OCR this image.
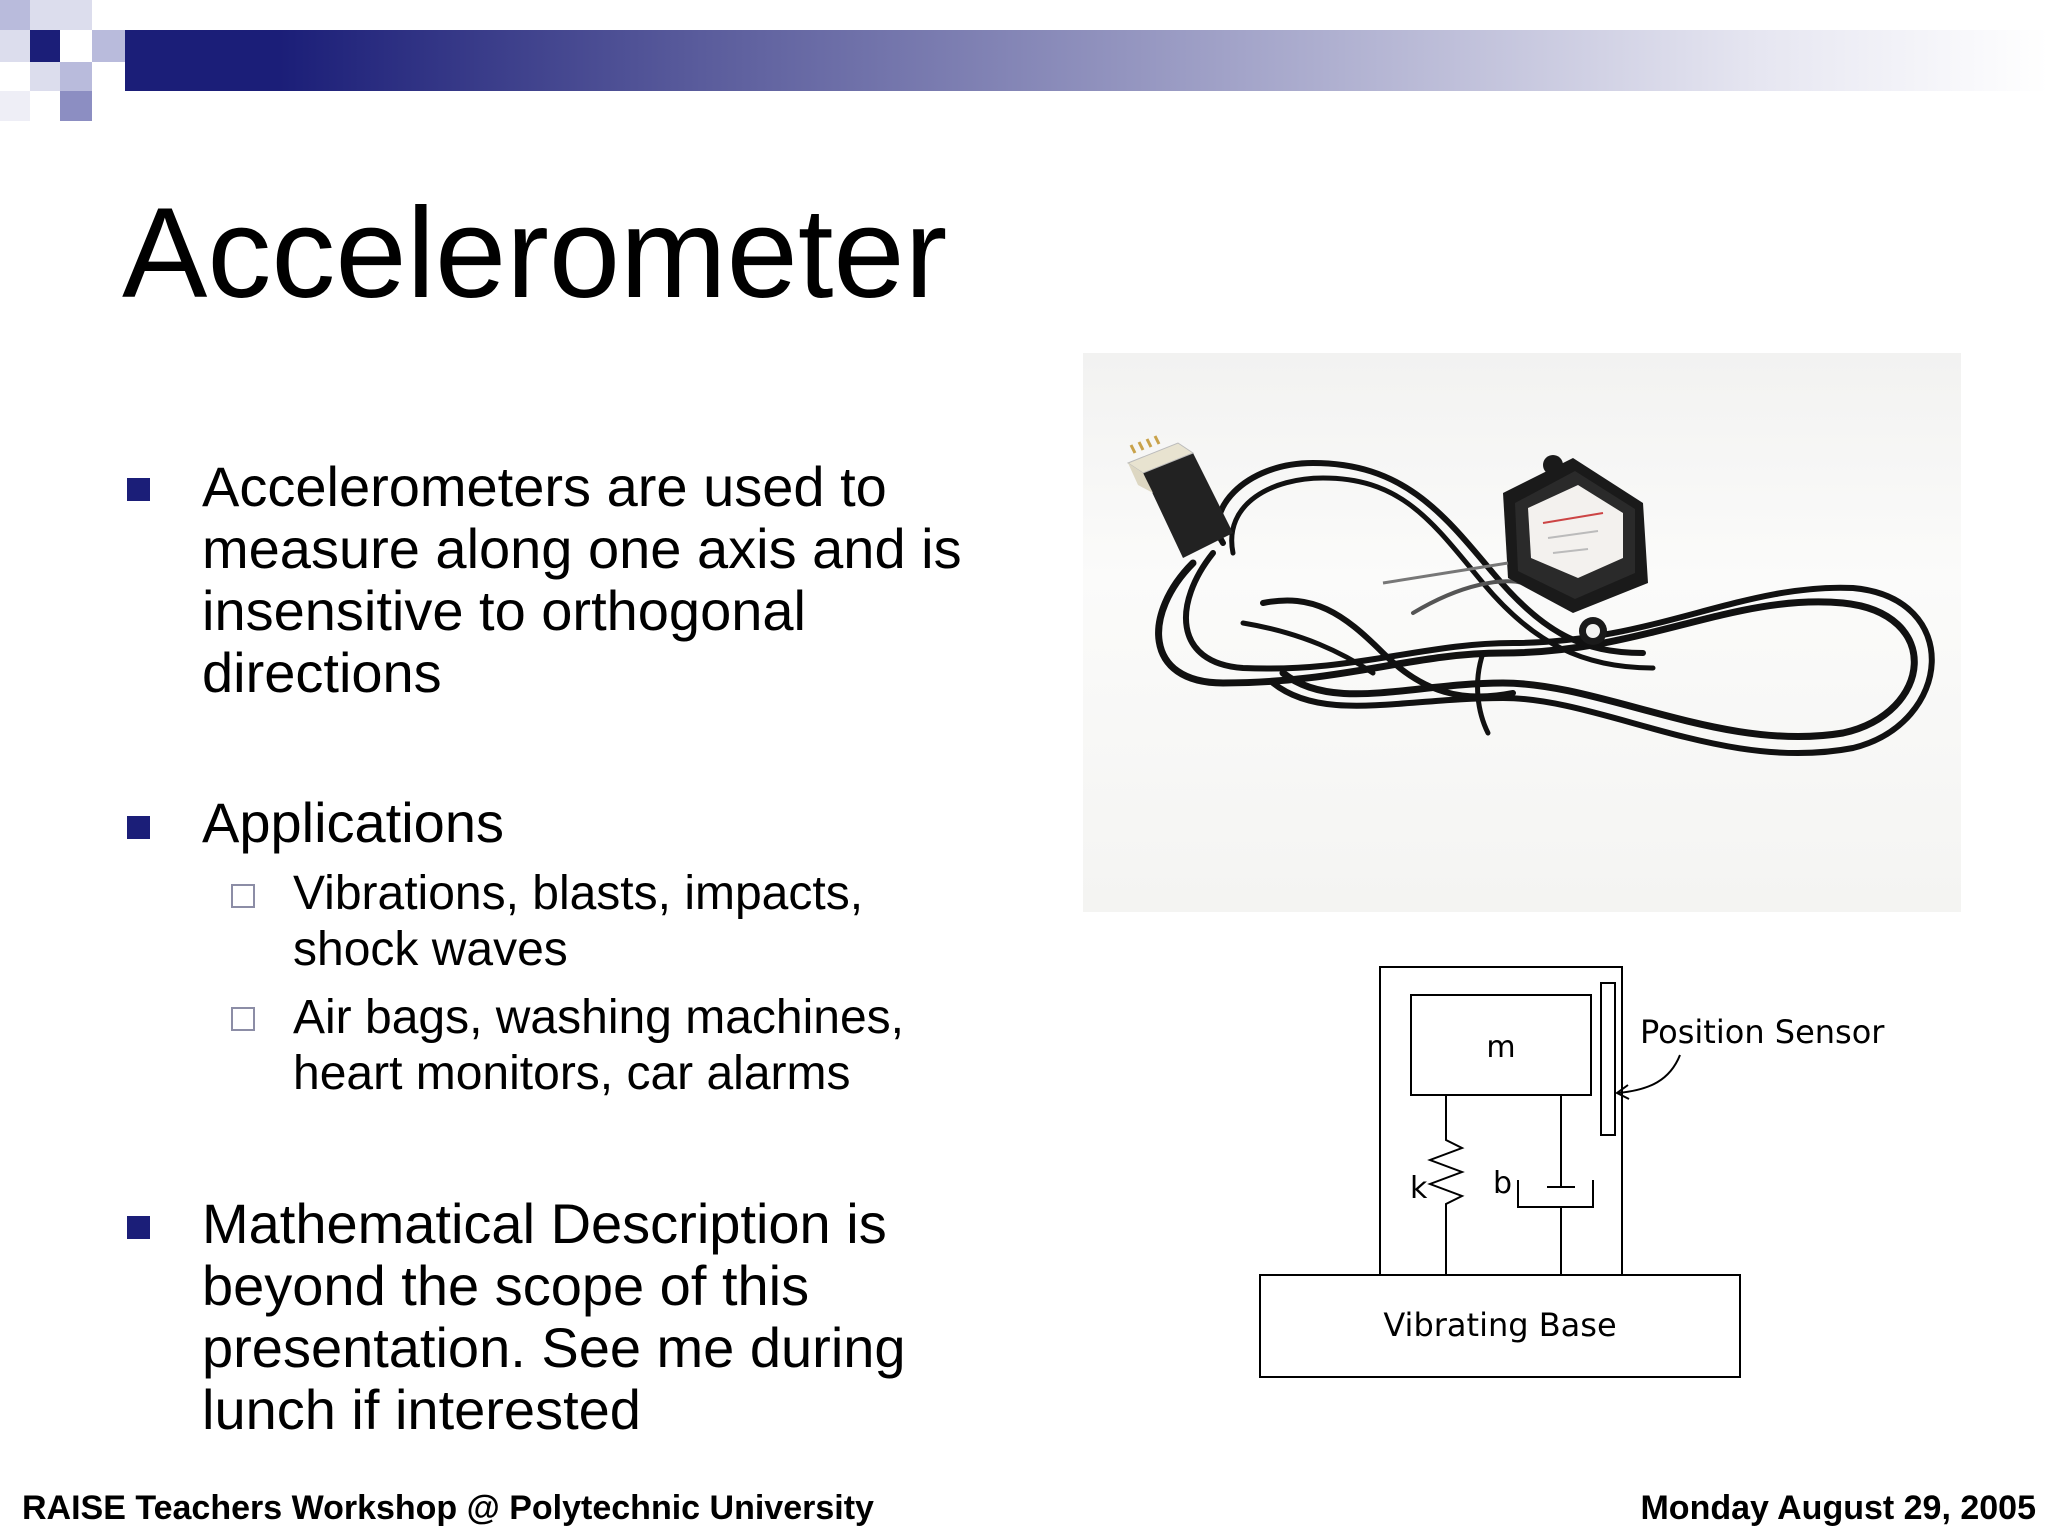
Accelerometer
Accelerometers are used to
measure along one axis and is
insensitive to orthogonal
directions
Applications
Vibrations, blasts, impacts,
shock waves
Air bags, washing machines,
heart monitors, car alarms
Mathematical Description is
beyond the scope of this
presentation. See me during
lunch if interested
m
k b
Position Sensor
Vibrating Base
RAISE Teachers Workshop @ Polytechnic University	Monday August 29, 2005
